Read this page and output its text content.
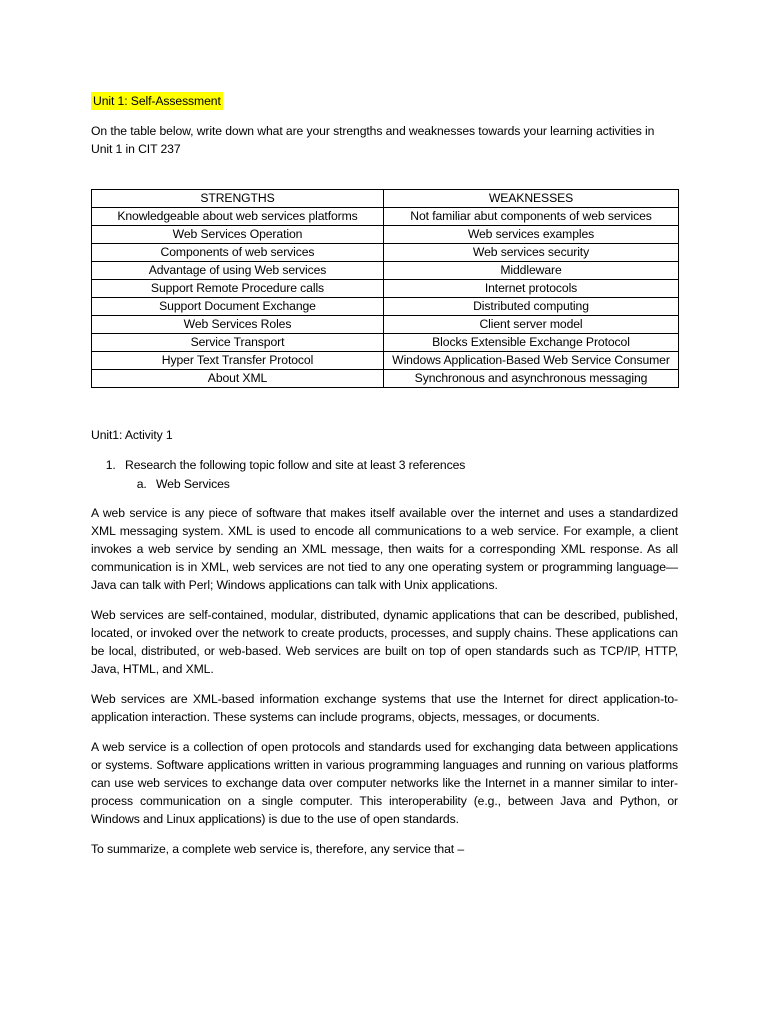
Unit 1: Self-Assessment

On the table below, write down what are your strengths and weaknesses towards your learning activities in Unit 1 in CIT 237

STRENGTHS	WEAKNESSES
Knowledgeable about web services platforms	Not familiar abut components of web services
Web Services Operation	Web services examples
Components of web services	Web services security
Advantage of using Web services	Middleware
Support Remote Procedure calls	Internet protocols
Support Document Exchange	Distributed computing
Web Services Roles	Client server model
Service Transport	Blocks Extensible Exchange Protocol
Hyper Text Transfer Protocol	Windows Application-Based Web Service Consumer
About XML	Synchronous and asynchronous messaging

Unit1: Activity 1

1. Research the following topic follow and site at least 3 references
a. Web Services

A web service is any piece of software that makes itself available over the internet and uses a standardized XML messaging system. XML is used to encode all communications to a web service. For example, a client invokes a web service by sending an XML message, then waits for a corresponding XML response. As all communication is in XML, web services are not tied to any one operating system or programming language—Java can talk with Perl; Windows applications can talk with Unix applications.

Web services are self-contained, modular, distributed, dynamic applications that can be described, published, located, or invoked over the network to create products, processes, and supply chains. These applications can be local, distributed, or web-based. Web services are built on top of open standards such as TCP/IP, HTTP, Java, HTML, and XML.

Web services are XML-based information exchange systems that use the Internet for direct application-to-application interaction. These systems can include programs, objects, messages, or documents.

A web service is a collection of open protocols and standards used for exchanging data between applications or systems. Software applications written in various programming languages and running on various platforms can use web services to exchange data over computer networks like the Internet in a manner similar to inter-process communication on a single computer. This interoperability (e.g., between Java and Python, or Windows and Linux applications) is due to the use of open standards.

To summarize, a complete web service is, therefore, any service that –
